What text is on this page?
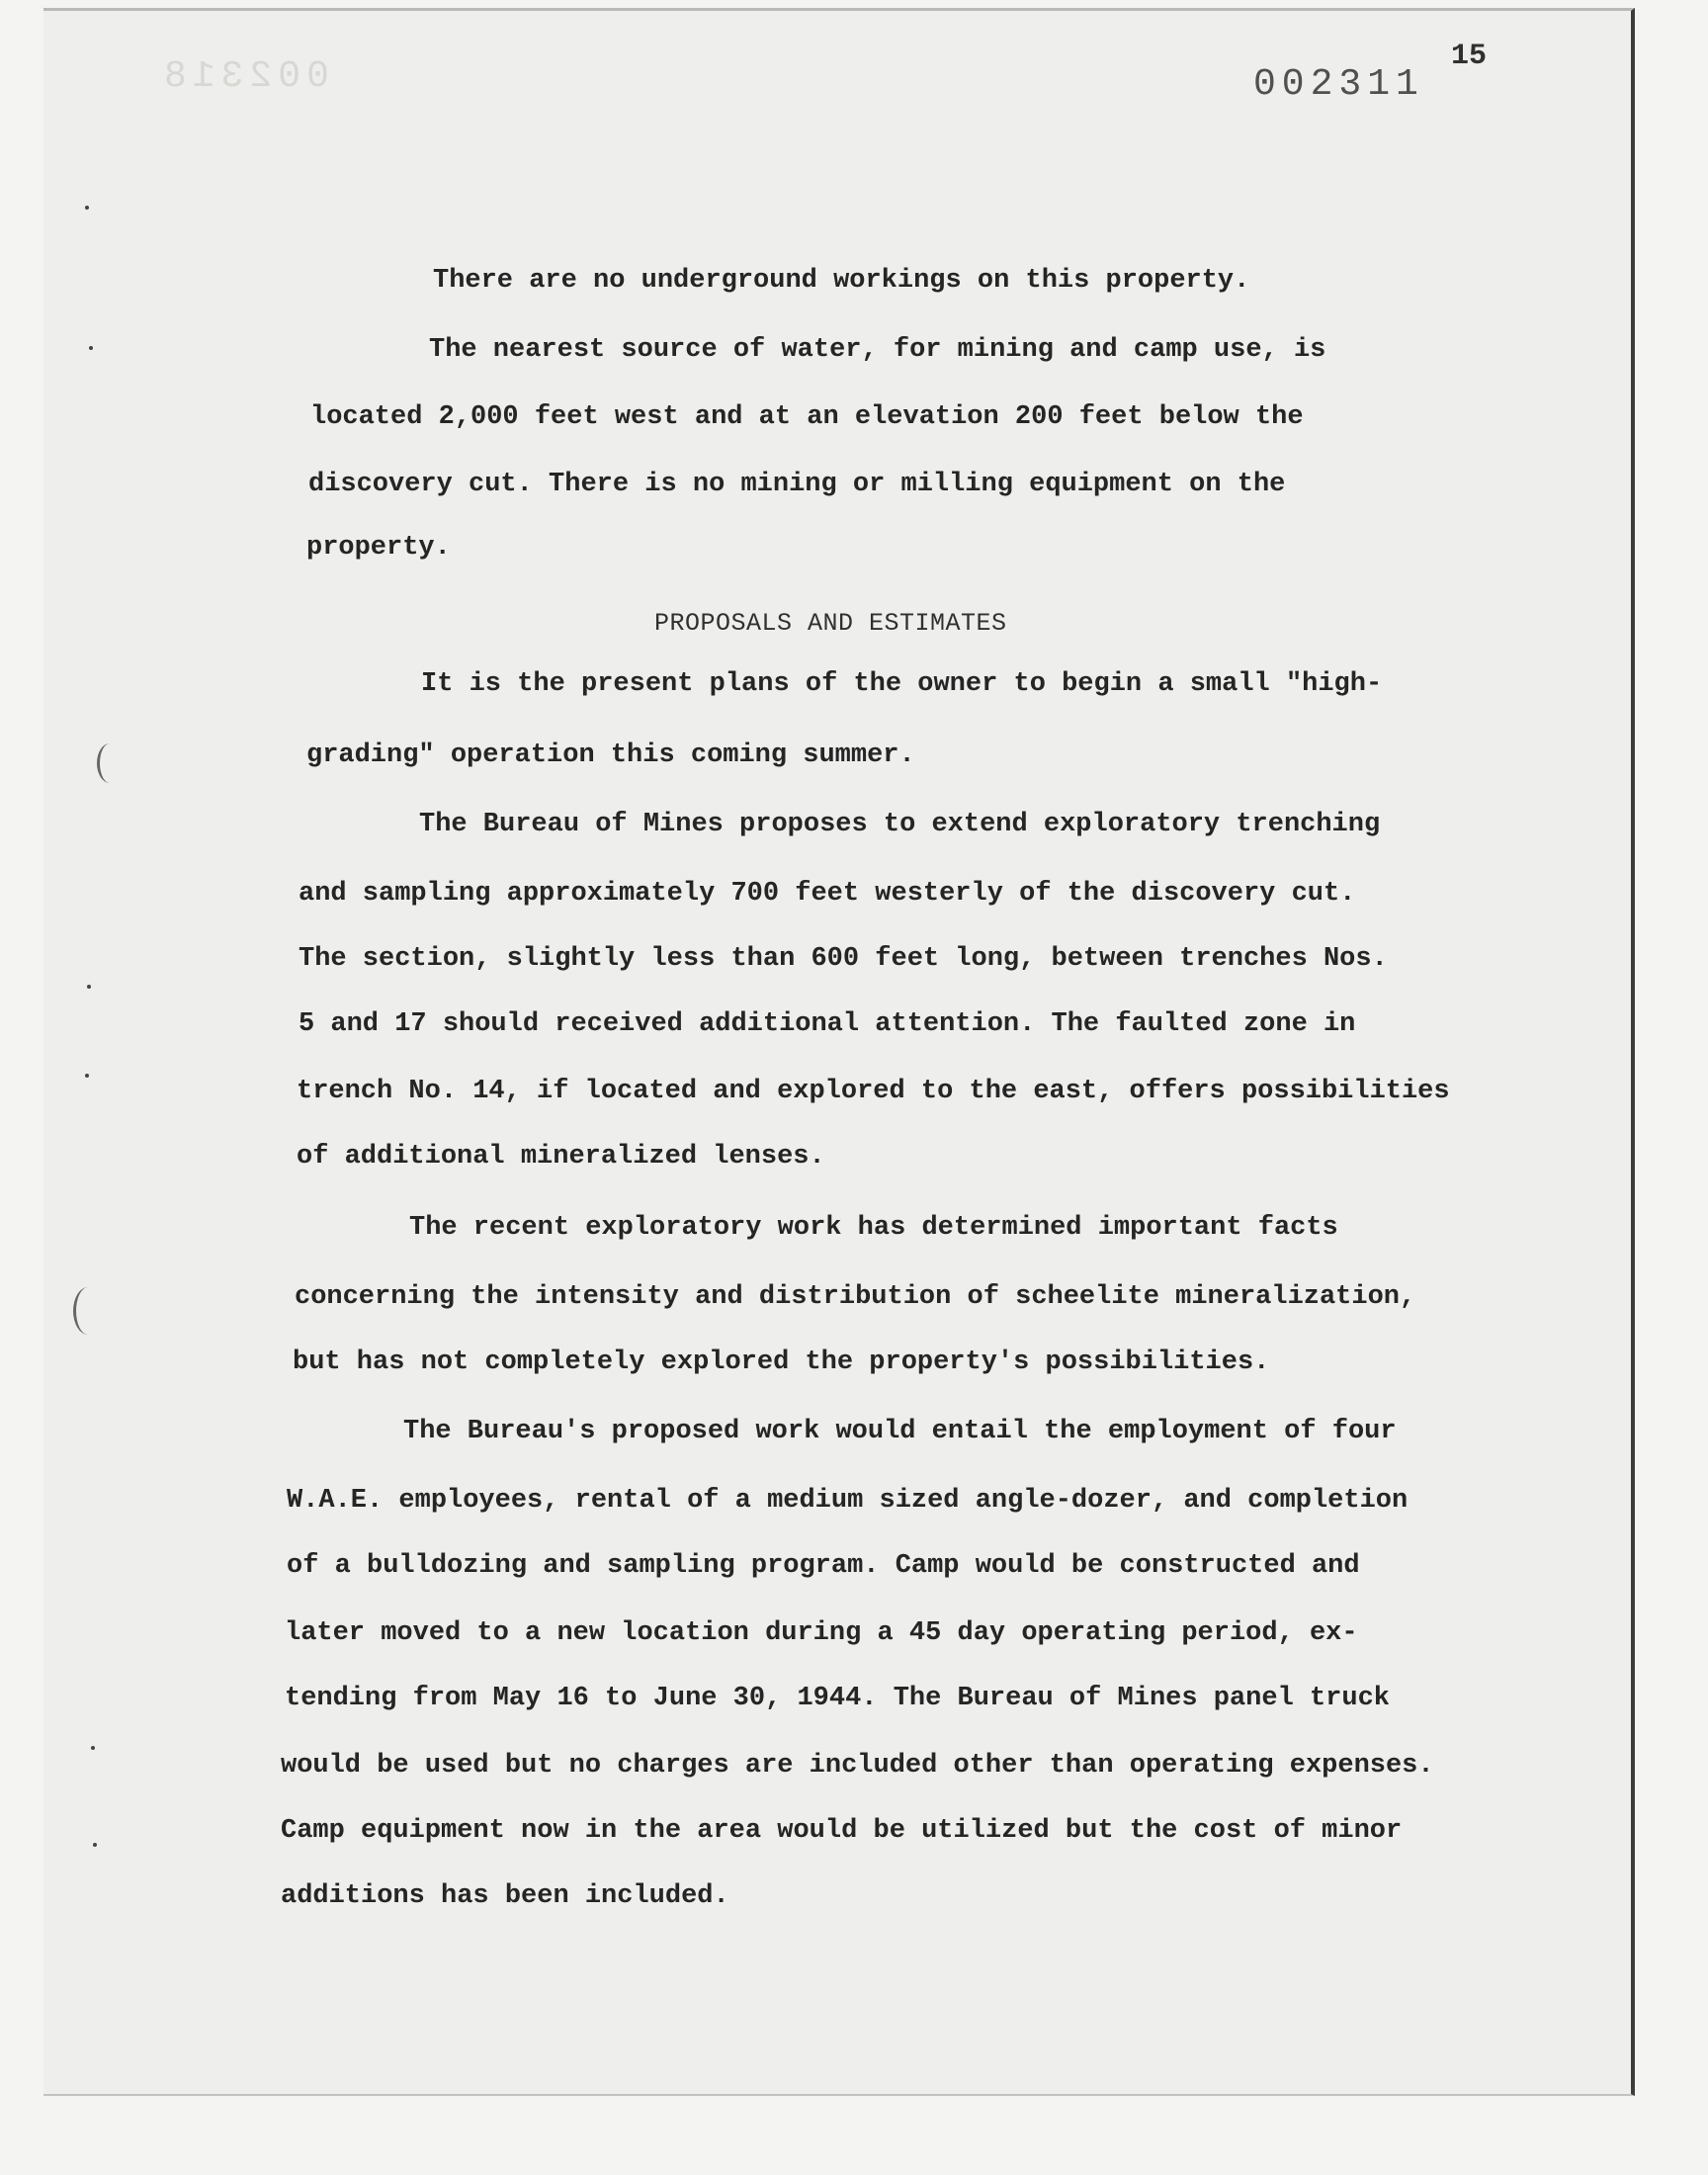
002318	002311
15
PROPOSALS AND ESTIMATES
There are no underground workings on this property.
The nearest source of water, for mining and camp use, is
located 2,000 feet west and at an elevation 200 feet below the
discovery cut. There is no mining or milling equipment on the
property.
It is the present plans of the owner to begin a small "high-
grading" operation this coming summer.
The Bureau of Mines proposes to extend exploratory trenching
and sampling approximately 700 feet westerly of the discovery cut.
The section, slightly less than 600 feet long, between trenches Nos.
5 and 17 should received additional attention. The faulted zone in
trench No. 14, if located and explored to the east, offers possibilities
of additional mineralized lenses.
The recent exploratory work has determined important facts
concerning the intensity and distribution of scheelite mineralization,
but has not completely explored the property's possibilities.
The Bureau's proposed work would entail the employment of four
W.A.E. employees, rental of a medium sized angle-dozer, and completion
of a bulldozing and sampling program. Camp would be constructed and
later moved to a new location during a 45 day operating period, ex-
tending from May 16 to June 30, 1944. The Bureau of Mines panel truck
would be used but no charges are included other than operating expenses.
Camp equipment now in the area would be utilized but the cost of minor
additions has been included.
